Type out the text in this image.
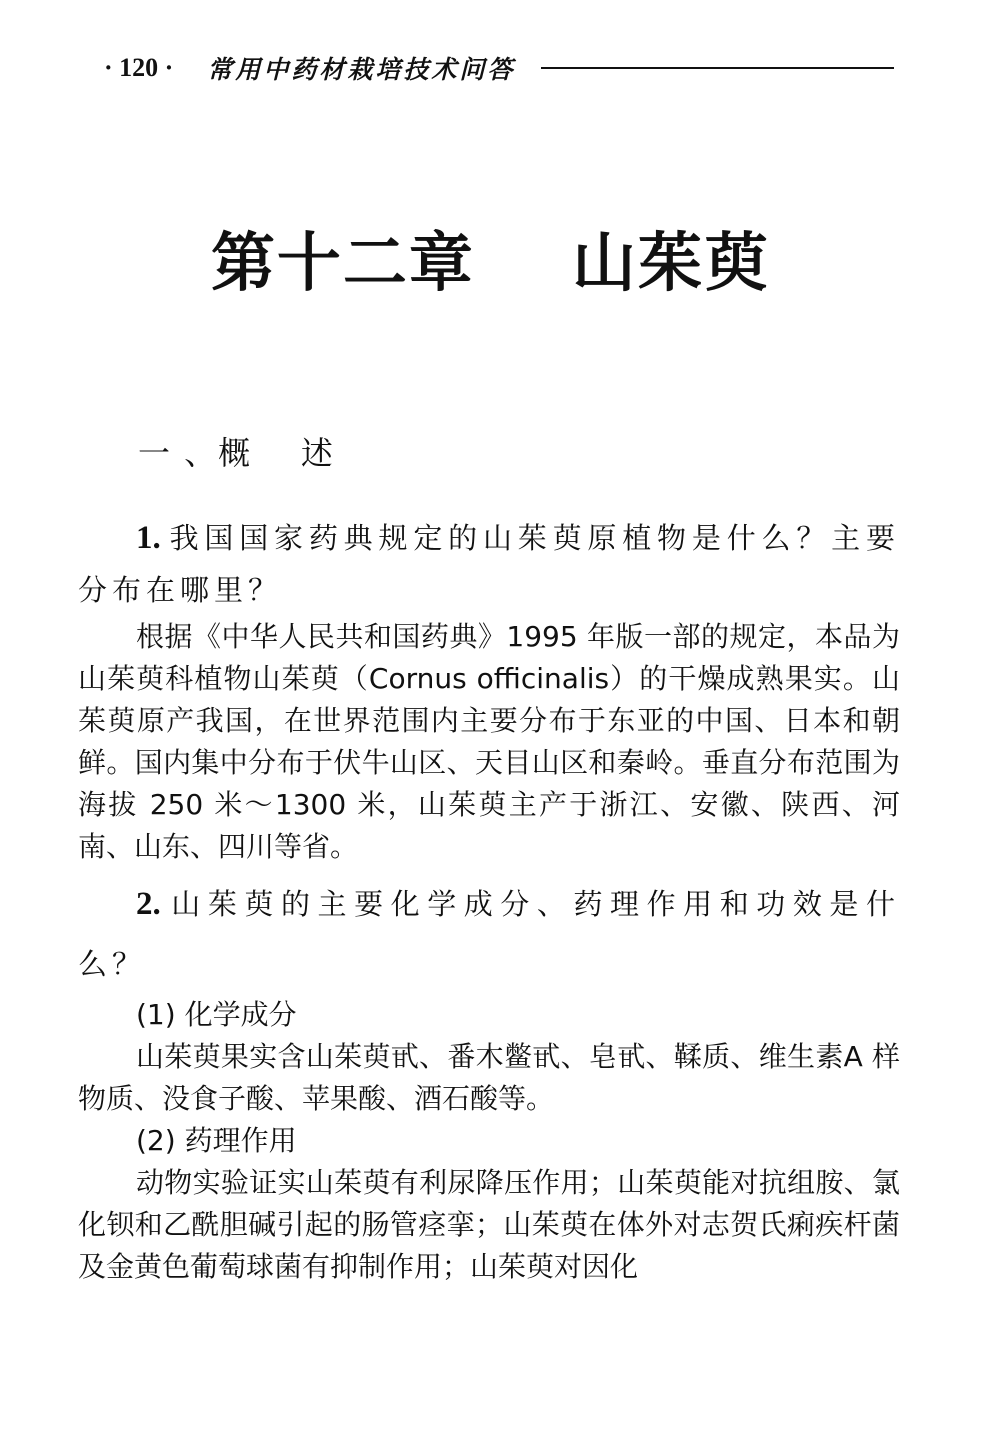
· 120 · 常用中药材栽培技术问答
第十二章    山茱萸
一 、概    述

1. 我国国家药典规定的山茱萸原植物是什么？主要分布在哪里？

根据《中华人民共和国药典》1995 年版一部的规定，本品为山茱萸科植物山茱萸（Cornus officinalis）的干燥成熟果实。山茱萸原产我国，在世界范围内主要分布于东亚的中国、日本和朝鲜。国内集中分布于伏牛山区、天目山区和秦岭。垂直分布范围为海拔 250 米～1300 米，山茱萸主产于浙江、安徽、陕西、河南、山东、四川等省。

2. 山茱萸的主要化学成分、药理作用和功效是什么？

(1) 化学成分

山茱萸果实含山茱萸甙、番木鳖甙、皂甙、鞣质、维生素A 样物质、没食子酸、苹果酸、酒石酸等。

(2) 药理作用

动物实验证实山茱萸有利尿降压作用；山茱萸能对抗组胺、氯化钡和乙酰胆碱引起的肠管痉挛；山茱萸在体外对志贺氏痢疾杆菌及金黄色葡萄球菌有抑制作用；山茱萸对因化
